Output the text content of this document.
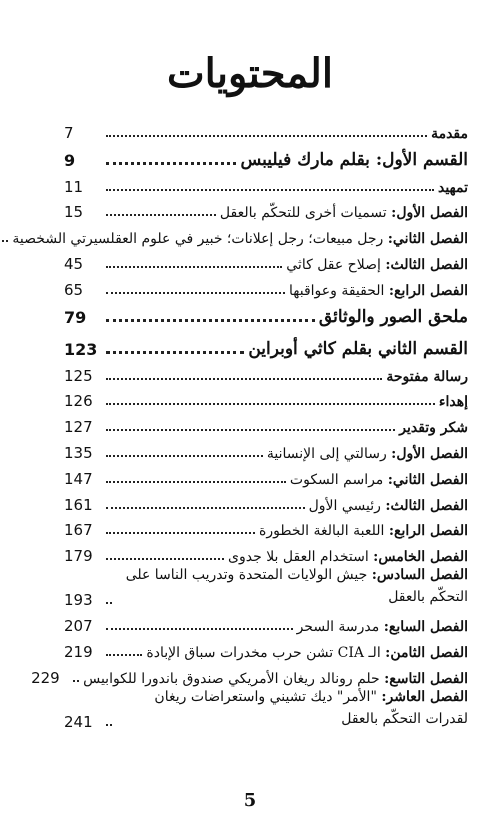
المحتويات
مقدمة
7
القسم الأول: بقلم مارك فيليبس
9
تمهيد
11
الفصل الأول: تسميات أخرى للتحكّم بالعقل
15
الفصل الثاني: رجل مبيعات؛ رجل إعلانات؛ خبير في علوم العقلسيرتي الشخصية
الفصل الثالث: إصلاح عقل كاثي
45
الفصل الرابع: الحقيقة وعواقبها
65
ملحق الصور والوثائق
79
القسم الثاني بقلم كاثي أوبراين
123
رسالة مفتوحة
125
إهداء
126
شكر وتقدير
127
الفصل الأول: رسالتي إلى الإنسانية
135
الفصل الثاني: مراسم السكوت
147
الفصل الثالث: رئيسي الأول
161
الفصل الرابع: اللعبة البالغة الخطورة
167
الفصل الخامس: استخدام العقل بلا جدوى
179
الفصل السادس: جيش الولايات المتحدة وتدريب الناسا على التحكّم بالعقل
193
الفصل السابع: مدرسة السحر
207
الفصل الثامن: الـ CIA تشن حرب مخدرات سباق الإبادة
219
الفصل التاسع: حلم رونالد ريغان الأمريكي صندوق باندورا للكوابيس
229
الفصل العاشر: "الأمر" ديك تشيني واستعراضات ريغان لقدرات التحكّم بالعقل
241
5
